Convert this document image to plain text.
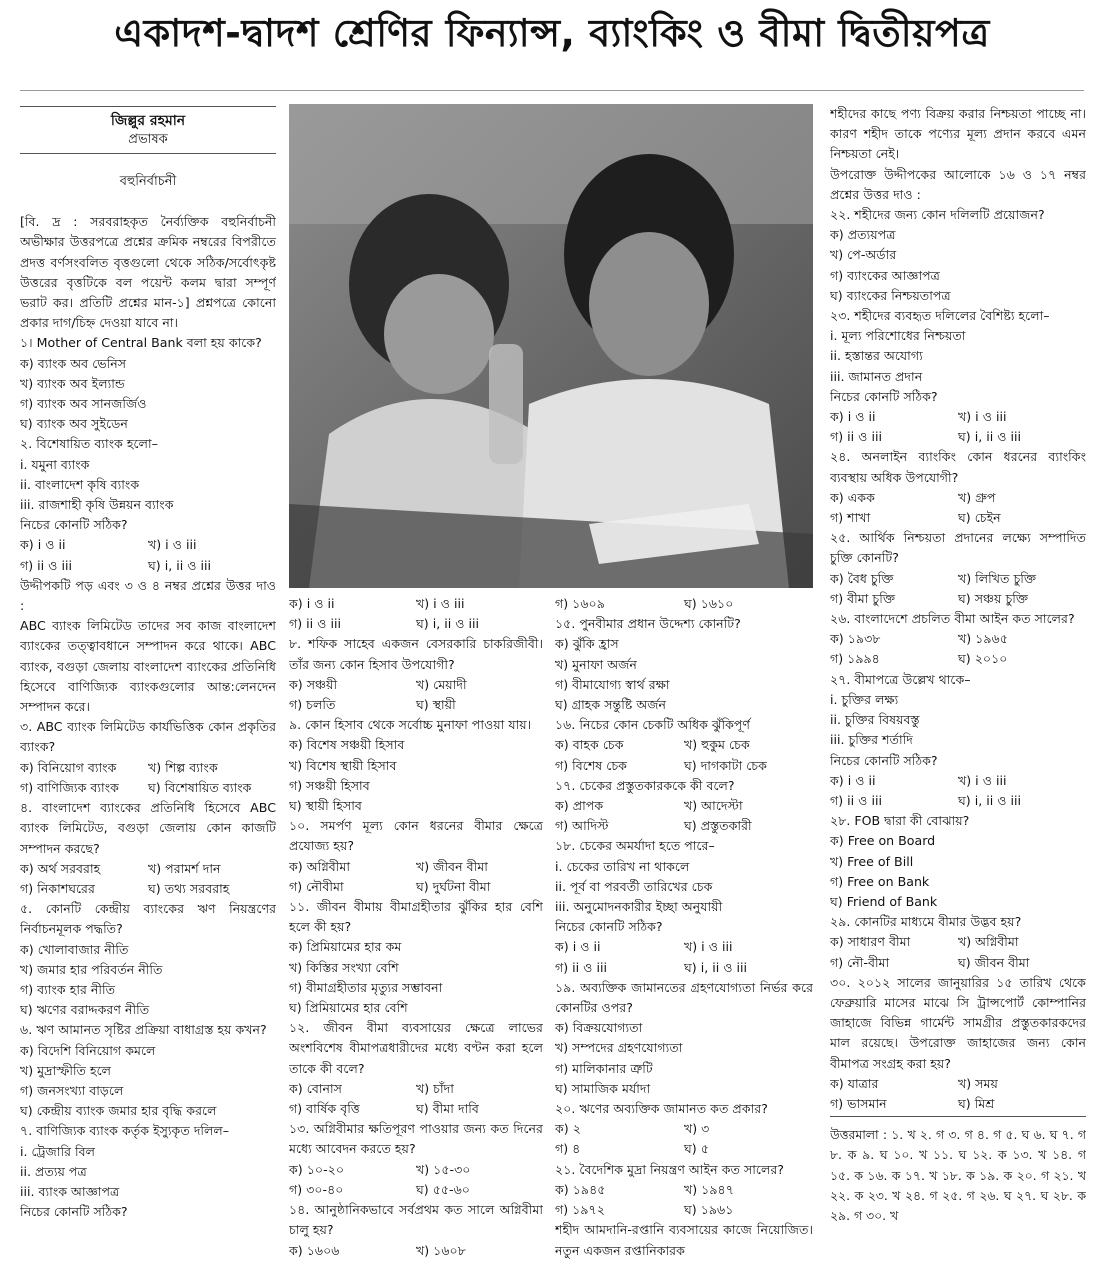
একাদশ-দ্বাদশ শ্রেণির ফিন্যান্স, ব্যাংকিং ও বীমা দ্বিতীয়পত্র
জিল্লুর রহমান
প্রভাষক
বহুনির্বাচনী

[বি. দ্র : সরবরাহকৃত নৈর্ব্যক্তিক বহুনির্বাচনী অভীক্ষার উত্তরপত্রে প্রশ্নের ক্রমিক নম্বরের বিপরীতে প্রদত্ত বর্ণসংবলিত বৃত্তগুলো থেকে সঠিক/সর্বোৎকৃষ্ট উত্তরের বৃত্তটিকে বল পয়েন্ট কলম দ্বারা সম্পূর্ণ ভরাট কর। প্রতিটি প্রশ্নের মান-১] প্রশ্নপত্রে কোনো প্রকার দাগ/চিহ্ন দেওয়া যাবে না।

১। Mother of Central Bank বলা হয় কাকে?

ক) ব্যাংক অব ভেনিস

খ) ব্যাংক অব ইল্যান্ড

গ) ব্যাংক অব সানজর্জিও

ঘ) ব্যাংক অব সুইডেন

২. বিশেষায়িত ব্যাংক হলো–

i. যমুনা ব্যাংক

ii. বাংলাদেশ কৃষি ব্যাংক

iii. রাজশাহী কৃষি উন্নয়ন ব্যাংক

নিচের কোনটি সঠিক?

ক) i ও ii	খ) i ও iii
গ) ii ও iii	ঘ) i, ii ও iii

উদ্দীপকটি পড় এবং ৩ ও ৪ নম্বর প্রশ্নের উত্তর দাও :

ABC ব্যাংক লিমিটেড তাদের সব কাজ বাংলাদেশ ব্যাংকের তত্ত্বাবধানে সম্পাদন করে থাকে। ABC ব্যাংক, বগুড়া জেলায় বাংলাদেশ ব্যাংকের প্রতিনিধি হিসেবে বাণিজ্যিক ব্যাংকগুলোর আন্ত:লেনদেন সম্পাদন করে।

৩. ABC ব্যাংক লিমিটেড কার্যভিত্তিক কোন প্রকৃতির ব্যাংক?

ক) বিনিয়োগ ব্যাংক	খ) শিল্প ব্যাংক
গ) বাণিজ্যিক ব্যাংক	ঘ) বিশেষায়িত ব্যাংক

৪. বাংলাদেশ ব্যাংকের প্রতিনিধি হিসেবে ABC ব্যাংক লিমিটেড, বগুড়া জেলায় কোন কাজটি সম্পাদন করছে?

ক) অর্থ সরবরাহ	খ) পরামর্শ দান
গ) নিকাশঘরের	ঘ) তথ্য সরবরাহ

৫. কোনটি কেন্দ্রীয় ব্যাংকের ঋণ নিয়ন্ত্রণের নির্বাচনমূলক পদ্ধতি?

ক) খোলাবাজার নীতি

খ) জমার হার পরিবর্তন নীতি

গ) ব্যাংক হার নীতি

ঘ) ঋণের বরাদ্দকরণ নীতি

৬. ঋণ আমানত সৃষ্টির প্রক্রিয়া বাধাগ্রস্ত হয় কখন?

ক) বিদেশি বিনিয়োগ কমলে

খ) মুদ্রাস্ফীতি হলে

গ) জনসংখ্যা বাড়লে

ঘ) কেন্দ্রীয় ব্যাংক জমার হার বৃদ্ধি করলে

৭. বাণিজ্যিক ব্যাংক কর্তৃক ইস্যুকৃত দলিল–

i. ট্রেজারি বিল

ii. প্রত্যয় পত্র

iii. ব্যাংক আজ্ঞাপত্র

নিচের কোনটি সঠিক?

ক) i ও ii	খ) i ও iii
গ) ii ও iii	ঘ) i, ii ও iii

৮. শফিক সাহেব একজন বেসরকারি চাকরিজীবী। তাঁর জন্য কোন হিসাব উপযোগী?

ক) সঞ্চয়ী	খ) মেয়াদী
গ) চলতি	ঘ) স্থায়ী

৯. কোন হিসাব থেকে সর্বোচ্চ মুনাফা পাওয়া যায়।

ক) বিশেষ সঞ্চয়ী হিসাব

খ) বিশেষ স্থায়ী হিসাব

গ) সঞ্চয়ী হিসাব

ঘ) স্থায়ী হিসাব

১০. সমর্পণ মূল্য কোন ধরনের বীমার ক্ষেত্রে প্রযোজ্য হয়?

ক) অগ্নিবীমা	খ) জীবন বীমা
গ) নৌবীমা	ঘ) দুর্ঘটনা বীমা

১১. জীবন বীমায় বীমাগ্রহীতার ঝুঁকির হার বেশি হলে কী হয়?

ক) প্রিমিয়ামের হার কম

খ) কিস্তির সংখ্যা বেশি

গ) বীমাগ্রহীতার মৃত্যুর সম্ভাবনা

ঘ) প্রিমিয়ামের হার বেশি

১২. জীবন বীমা ব্যবসায়ের ক্ষেত্রে লাভের অংশবিশেষ বীমাপত্রধারীদের মধ্যে বণ্টন করা হলে তাকে কী বলে?

ক) বোনাস	খ) চাঁদা
গ) বার্ষিক বৃত্তি	ঘ) বীমা দাবি

১৩. অগ্নিবীমার ক্ষতিপূরণ পাওয়ার জন্য কত দিনের মধ্যে আবেদন করতে হয়?

ক) ১০-২০	খ) ১৫-৩০
গ) ৩০-৪০	ঘ) ৫৫-৬০

১৪. আনুষ্ঠানিকভাবে সর্বপ্রথম কত সালে অগ্নিবীমা চালু হয়?

ক) ১৬০৬	খ) ১৬০৮
গ) ১৬০৯	ঘ) ১৬১০

১৫. পুনবীমার প্রধান উদ্দেশ্য কোনটি?

ক) ঝুঁকি হ্রাস

খ) মুনাফা অর্জন

গ) বীমাযোগ্য স্বার্থ রক্ষা

ঘ) গ্রাহক সন্তুষ্টি অর্জন

১৬. নিচের কোন চেকটি অধিক ঝুঁকিপূর্ণ

ক) বাহক চেক	খ) হুকুম চেক
গ) বিশেষ চেক	ঘ) দাগকাটা চেক

১৭. চেকের প্রস্তুতকারককে কী বলে?

ক) প্রাপক	খ) আদেস্টা
গ) আদিস্ট	ঘ) প্রস্তুতকারী

১৮. চেকের অমর্যাদা হতে পারে–

i. চেকের তারিখ না থাকলে

ii. পূর্ব বা পরবর্তী তারিখের চেক

iii. অনুমোদনকারীর ইচ্ছা অনুযায়ী

নিচের কোনটি সঠিক?

ক) i ও ii	খ) i ও iii
গ) ii ও iii	ঘ) i, ii ও iii

১৯. অব্যক্তিক জামানতের গ্রহণযোগ্যতা নির্ভর করে কোনটির ওপর?

ক) বিক্রয়যোগ্যতা

খ) সম্পদের গ্রহণযোগ্যতা

গ) মালিকানার ত্রুটি

ঘ) সামাজিক মর্যাদা

২০. ঋণের অব্যক্তিক জামানত কত প্রকার?

ক) ২	খ) ৩
গ) ৪	ঘ) ৫

২১. বৈদেশিক মুদ্রা নিয়ন্ত্রণ আইন কত সালের?

ক) ১৯৪৫	খ) ১৯৪৭
গ) ১৯৭২	ঘ) ১৯৬১

শহীদ আমদানি-রপ্তানি ব্যবসায়ের কাজে নিয়োজিত। নতুন একজন রপ্তানিকারক

শহীদের কাছে পণ্য বিক্রয় করার নিশ্চয়তা পাচ্ছে না। কারণ শহীদ তাকে পণ্যের মূল্য প্রদান করবে এমন নিশ্চয়তা নেই।

উপরোক্ত উদ্দীপকের আলোকে ১৬ ও ১৭ নম্বর প্রশ্নের উত্তর দাও :

২২. শহীদের জন্য কোন দলিলটি প্রয়োজন?

ক) প্রত্যয়পত্র

খ) পে-অর্ডার

গ) ব্যাংকের আজ্ঞাপত্র

ঘ) ব্যাংকের নিশ্চয়তাপত্র

২৩. শহীদের ব্যবহৃত দলিলের বৈশিষ্ট্য হলো–

i. মূল্য পরিশোধের নিশ্চয়তা

ii. হস্তান্তর অযোগ্য

iii. জামানত প্রদান

নিচের কোনটি সঠিক?

ক) i ও ii	খ) i ও iii
গ) ii ও iii	ঘ) i, ii ও iii

২৪. অনলাইন ব্যাংকিং কোন ধরনের ব্যাংকিং ব্যবস্থায় অধিক উপযোগী?

ক) একক	খ) গ্রুপ
গ) শাখা	ঘ) চেইন

২৫. আর্থিক নিশ্চয়তা প্রদানের লক্ষ্যে সম্পাদিত চুক্তি কোনটি?

ক) বৈধ চুক্তি	খ) লিখিত চুক্তি
গ) বীমা চুক্তি	ঘ) সঞ্চয় চুক্তি

২৬. বাংলাদেশে প্রচলিত বীমা আইন কত সালের?

ক) ১৯৩৮	খ) ১৯৬৫
গ) ১৯৯৪	ঘ) ২০১০

২৭. বীমাপত্রে উল্লেখ থাকে–

i. চুক্তির লক্ষ্য

ii. চুক্তির বিষয়বস্তু

iii. চুক্তির শর্তাদি

নিচের কোনটি সঠিক?

ক) i ও ii	খ) i ও iii
গ) ii ও iii	ঘ) i, ii ও iii

২৮. FOB দ্বারা কী বোঝায়?

ক) Free on Board

খ) Free of Bill

গ) Free on Bank

ঘ) Friend of Bank

২৯. কোনটির মাধ্যমে বীমার উদ্ভব হয়?

ক) সাধারণ বীমা	খ) অগ্নিবীমা
গ) নৌ-বীমা	ঘ) জীবন বীমা

৩০. ২০১২ সালের জানুয়ারির ১৫ তারিখ থেকে ফেব্রুয়ারি মাসের মাঝে সি ট্রান্সপোর্ট কোম্পানির জাহাজে বিভিন্ন গার্মেন্ট সামগ্রীর প্রস্তুতকারকদের মাল রয়েছে। উপরোক্ত জাহাজের জন্য কোন বীমাপত্র সংগ্রহ করা হয়?

ক) যাত্রার	খ) সময়
গ) ভাসমান	ঘ) মিশ্র
উত্তরমালা : ১. খ ২. গ ৩. গ ৪. গ ৫. ঘ ৬. ঘ ৭. গ ৮. ক ৯. ঘ ১০. খ ১১. ঘ ১২. ক ১৩. খ ১৪. গ ১৫. ক ১৬. ক ১৭. খ ১৮. ক ১৯. ক ২০. গ ২১. খ ২২. ক ২৩. খ ২৪. গ ২৫. গ ২৬. ঘ ২৭. ঘ ২৮. ক ২৯. গ ৩০. খ
